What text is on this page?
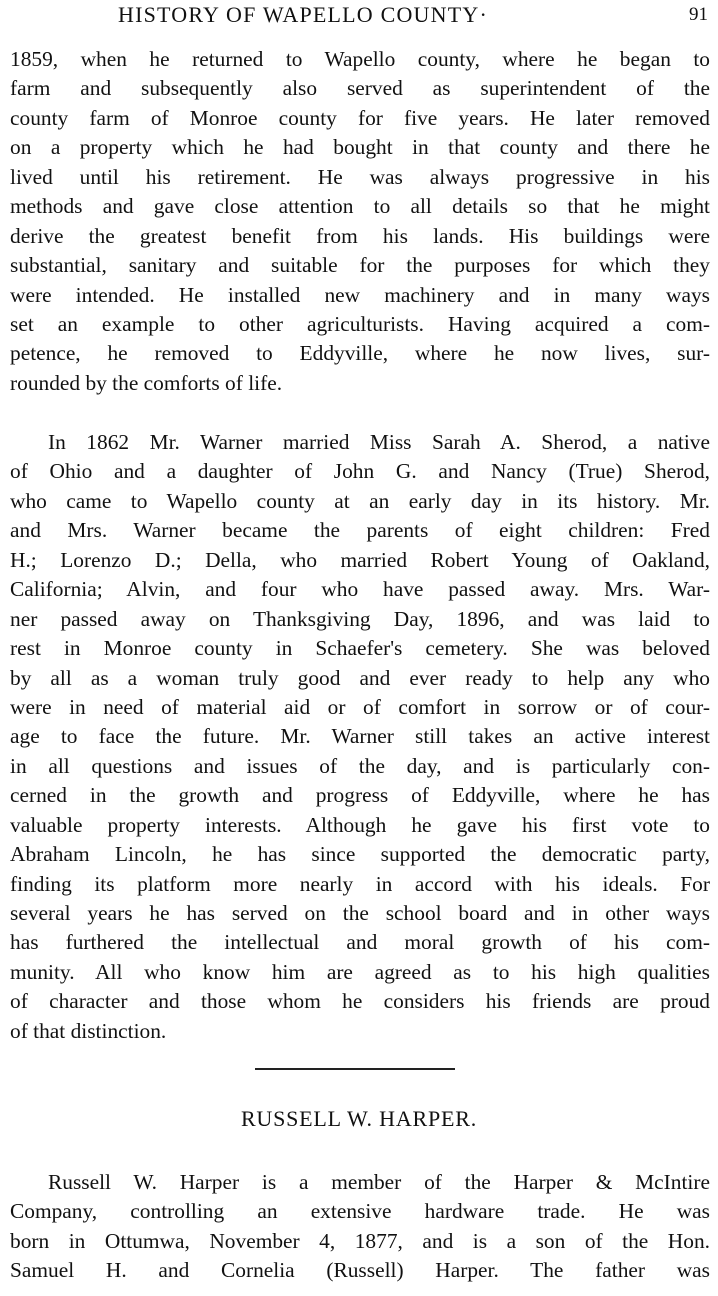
HISTORY OF WAPELLO COUNTY·	91
1859, when he returned to Wapello county, where he began to
farm and subsequently also served as superintendent of the
county farm of Monroe county for five years. He later removed
on a property which he had bought in that county and there he
lived until his retirement. He was always progressive in his
methods and gave close attention to all details so that he might
derive the greatest benefit from his lands. His buildings were
substantial, sanitary and suitable for the purposes for which they
were intended. He installed new machinery and in many ways
set an example to other agriculturists. Having acquired a com-
petence, he removed to Eddyville, where he now lives, sur-
rounded by the comforts of life.
In 1862 Mr. Warner married Miss Sarah A. Sherod, a native
of Ohio and a daughter of John G. and Nancy (True) Sherod,
who came to Wapello county at an early day in its history. Mr.
and Mrs. Warner became the parents of eight children: Fred
H.; Lorenzo D.; Della, who married Robert Young of Oakland,
California; Alvin, and four who have passed away. Mrs. War-
ner passed away on Thanksgiving Day, 1896, and was laid to
rest in Monroe county in Schaefer's cemetery. She was beloved
by all as a woman truly good and ever ready to help any who
were in need of material aid or of comfort in sorrow or of cour-
age to face the future. Mr. Warner still takes an active interest
in all questions and issues of the day, and is particularly con-
cerned in the growth and progress of Eddyville, where he has
valuable property interests. Although he gave his first vote to
Abraham Lincoln, he has since supported the democratic party,
finding its platform more nearly in accord with his ideals. For
several years he has served on the school board and in other ways
has furthered the intellectual and moral growth of his com-
munity. All who know him are agreed as to his high qualities
of character and those whom he considers his friends are proud
of that distinction.
RUSSELL W. HARPER.
Russell W. Harper is a member of the Harper & McIntire
Company, controlling an extensive hardware trade. He was
born in Ottumwa, November 4, 1877, and is a son of the Hon.
Samuel H. and Cornelia (Russell) Harper. The father was
